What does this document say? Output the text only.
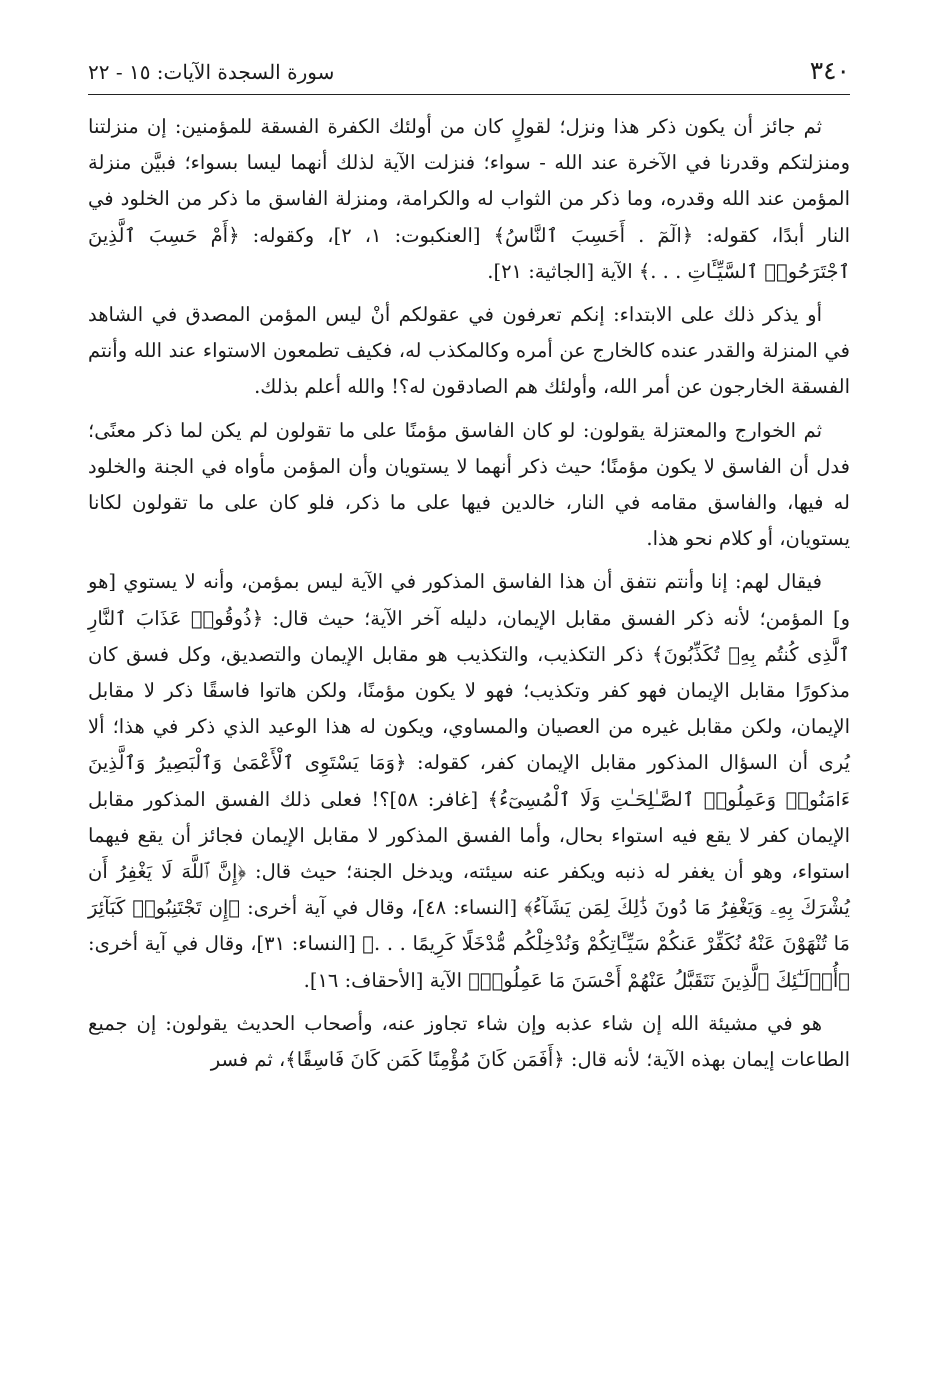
٣٤٠
سورة السجدة الآيات: ١٥ - ٢٢

ثم جائز أن يكون ذكر هذا ونزل؛ لقولٍ كان من أولئك الكفرة الفسقة للمؤمنين: إن منزلتنا ومنزلتكم وقدرنا في الآخرة عند الله - سواء؛ فنزلت الآية لذلك أنهما ليسا بسواء؛ فبيَّن منزلة المؤمن عند الله وقدره، وما ذكر من الثواب له والكرامة، ومنزلة الفاسق ما ذكر من الخلود في النار أبدًا، كقوله: ﴿الٓمٓ . أَحَسِبَ ٱلنَّاسُ﴾ [العنكبوت: ١، ٢]، وكقوله: ﴿أَمْ حَسِبَ ٱلَّذِينَ ٱجْتَرَحُوا۟ ٱلسَّيِّـَٔاتِ . . .﴾ الآية [الجاثية: ٢١].

أو يذكر ذلك على الابتداء: إنكم تعرفون في عقولكم أنْ ليس المؤمن المصدق في الشاهد في المنزلة والقدر عنده كالخارج عن أمره وكالمكذب له، فكيف تطمعون الاستواء عند الله وأنتم الفسقة الخارجون عن أمر الله، وأولئك هم الصادقون له؟! والله أعلم بذلك.

ثم الخوارج والمعتزلة يقولون: لو كان الفاسق مؤمنًا على ما تقولون لم يكن لما ذكر معنًى؛ فدل أن الفاسق لا يكون مؤمنًا؛ حيث ذكر أنهما لا يستويان وأن المؤمن مأواه في الجنة والخلود له فيها، والفاسق مقامه في النار، خالدين فيها على ما ذكر، فلو كان على ما تقولون لكانا يستويان، أو كلام نحو هذا.

فيقال لهم: إنا وأنتم نتفق أن هذا الفاسق المذكور في الآية ليس بمؤمن، وأنه لا يستوي [هو و] المؤمن؛ لأنه ذكر الفسق مقابل الإيمان، دليله آخر الآية؛ حيث قال: ﴿ذُوقُوا۟ عَذَابَ ٱلنَّارِ ٱلَّذِى كُنتُم بِهِۦ تُكَذِّبُونَ﴾ ذكر التكذيب، والتكذيب هو مقابل الإيمان والتصديق، وكل فسق كان مذكورًا مقابل الإيمان فهو كفر وتكذيب؛ فهو لا يكون مؤمنًا، ولكن هاتوا فاسقًا ذكر لا مقابل الإيمان، ولكن مقابل غيره من العصيان والمساوي، ويكون له هذا الوعيد الذي ذكر في هذا؛ ألا يُرى أن السؤال المذكور مقابل الإيمان كفر، كقوله: ﴿وَمَا يَسْتَوِى ٱلْأَعْمَىٰ وَٱلْبَصِيرُ وَٱلَّذِينَ ءَامَنُوا۟ وَعَمِلُوا۟ ٱلصَّـٰلِحَـٰتِ وَلَا ٱلْمُسِىٓءُ﴾ [غافر: ٥٨]؟! فعلى ذلك الفسق المذكور مقابل الإيمان كفر لا يقع فيه استواء بحال، وأما الفسق المذكور لا مقابل الإيمان فجائز أن يقع فيهما استواء، وهو أن يغفر له ذنبه ويكفر عنه سيئته، ويدخل الجنة؛ حيث قال: ﴿إِنَّ ٱللَّهَ لَا يَغْفِرُ أَن يُشْرَكَ بِهِۦ وَيَغْفِرُ مَا دُونَ ذَٰلِكَ لِمَن يَشَآءُ﴾ [النساء: ٤٨]، وقال في آية أخرى: ﴿إِن تَجْتَنِبُوا۟ كَبَآئِرَ مَا تُنْهَوْنَ عَنْهُ نُكَفِّرْ عَنكُمْ سَيِّـَٔاتِكُمْ وَنُدْخِلْكُم مُّدْخَلًا كَرِيمًا . . .﴾ [النساء: ٣١]، وقال في آية أخرى: ﴿أُو۟لَـٰٓئِكَ ٱلَّذِينَ نَتَقَبَّلُ عَنْهُمْ أَحْسَنَ مَا عَمِلُوا۟﴾ الآية [الأحقاف: ١٦].

هو في مشيئة الله إن شاء عذبه وإن شاء تجاوز عنه، وأصحاب الحديث يقولون: إن جميع الطاعات إيمان بهذه الآية؛ لأنه قال: ﴿أَفَمَن كَانَ مُؤْمِنًا كَمَن كَانَ فَاسِقًا﴾، ثم فسر
